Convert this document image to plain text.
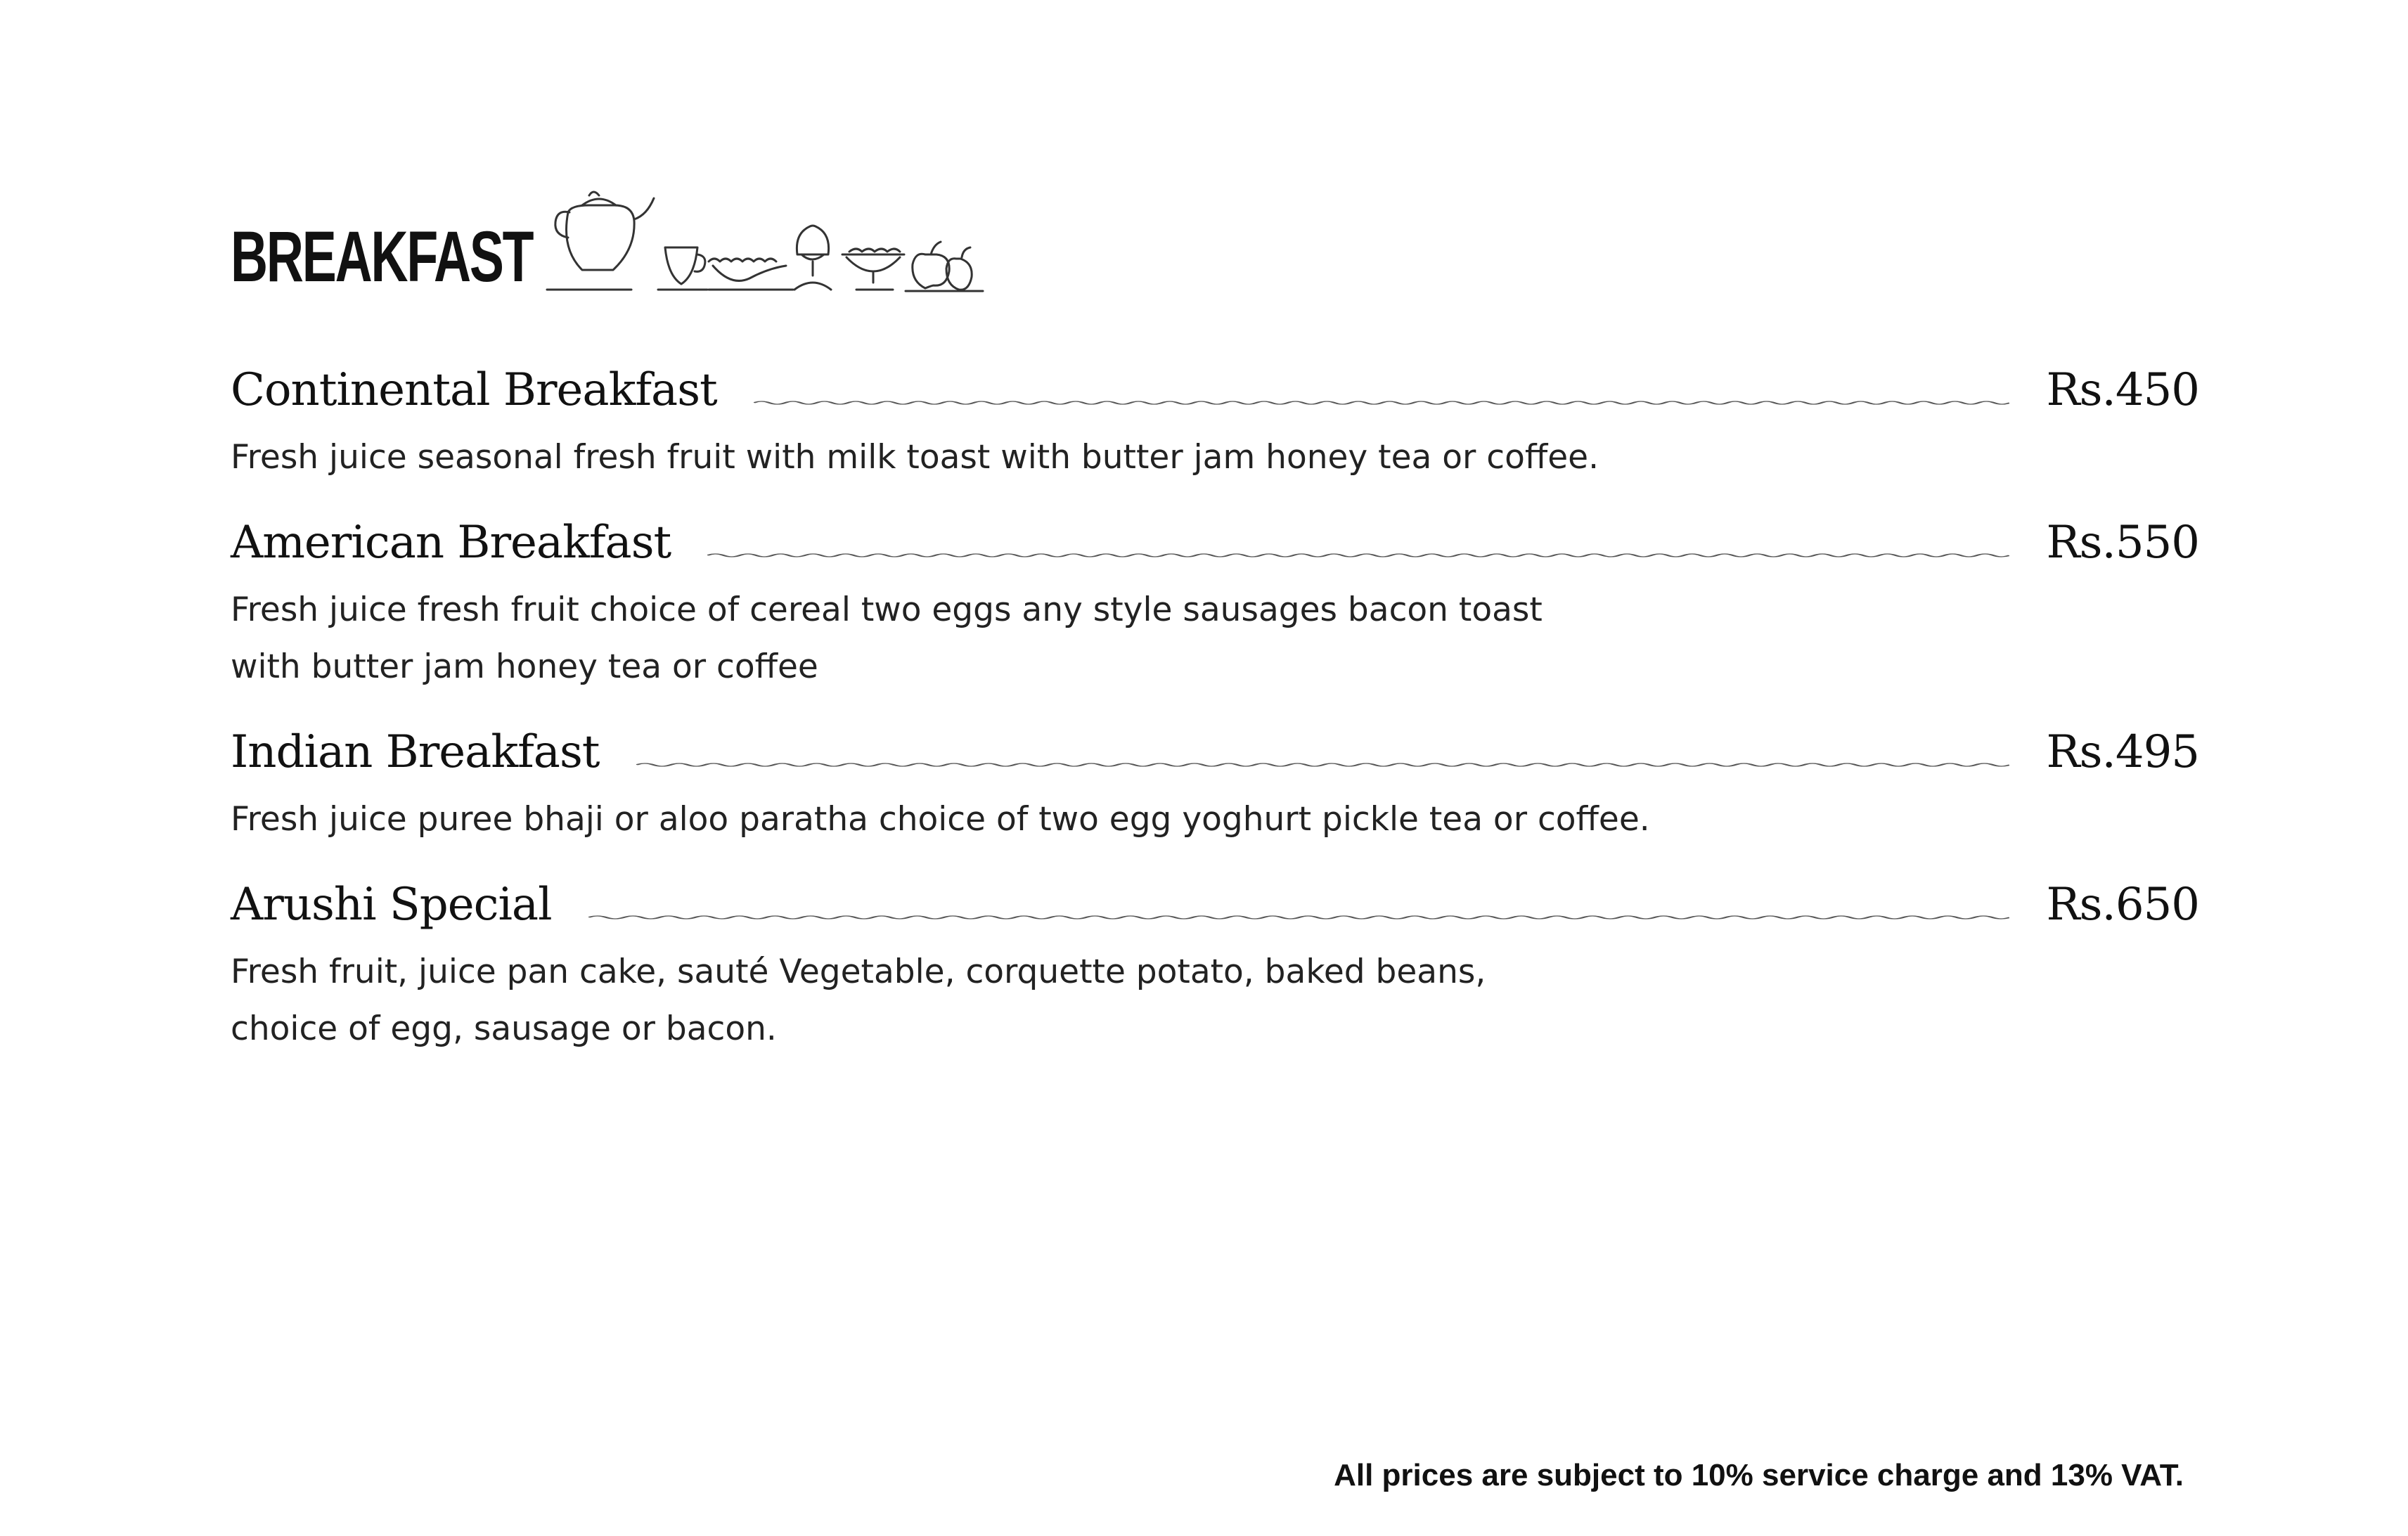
BREAKFAST
Continental Breakfast	Rs.450
Fresh juice seasonal fresh fruit with milk toast with butter jam honey tea or coffee.
American Breakfast	Rs.550
Fresh juice fresh fruit choice of cereal two eggs any style sausages bacon toast
with butter jam honey tea or coffee
Indian Breakfast	Rs.495
Fresh juice puree bhaji or aloo paratha choice of two egg yoghurt pickle tea or coffee.
Arushi Special	Rs.650
Fresh fruit, juice pan cake, sauté Vegetable, corquette potato, baked beans,
choice of egg, sausage or bacon.
All prices are subject to 10% service charge and 13% VAT.
